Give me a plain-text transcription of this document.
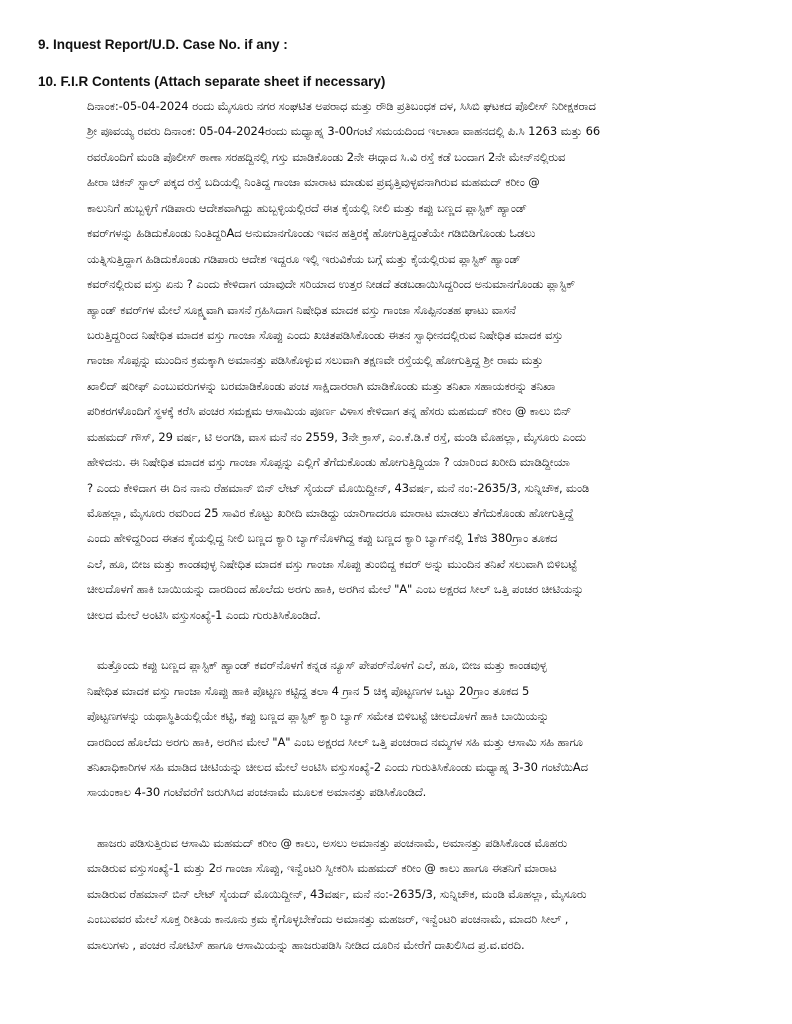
9. Inquest Report/U.D. Case No. if any :
10. F.I.R Contents (Attach separate sheet if necessary)
ದಿನಾಂಕ:-05-04-2024 ರಂದು ಮೈಸೂರು ನಗರ ಸಂಘಟಿತ ಅಪರಾಧ ಮತ್ತು ರೌಡಿ ಪ್ರತಿಬಂಧಕ ದಳ, ಸಿಸಿಬಿ ಘಟಕದ ಪೊಲೀಸ್ ನಿರೀಕ್ಷಕರಾದ
ಶ್ರೀ ಪೂವಯ್ಯ ರವರು ದಿನಾಂಕ: 05-04-2024ರಂದು ಮಧ್ಯಾಹ್ನ 3-00ಗಂಟೆ ಸಮಯದಿಂದ ಇಲಾಖಾ ವಾಹನದಲ್ಲಿ ಪಿ.ಸಿ 1263 ಮತ್ತು 66
ರವರೊಂದಿಗೆ ಮಂಡಿ ಪೊಲೀಸ್ ಠಾಣಾ ಸರಹದ್ದಿನಲ್ಲಿ ಗಸ್ತು ಮಾಡಿಕೊಂಡು 2ನೇ ಈದ್ಗಾದ ಸಿ.ವಿ ರಸ್ತೆ ಕಡೆ ಬಂದಾಗ 2ನೇ ಮೇನ್‌ನಲ್ಲಿರುವ
ಹೀರಾ ಚಿಕನ್ ಸ್ಟಾಲ್ ಪಕ್ಕದ ರಸ್ತೆ ಬದಿಯಲ್ಲಿ ನಿಂತಿದ್ದ ಗಾಂಜಾ ಮಾರಾಟ ಮಾಡುವ ಪ್ರವೃತ್ತಿವುಳ್ಳವನಾಗಿರುವ ಮಹಮದ್ ಕರೀಂ @
ಕಾಲುನಿಗೆ ಹುಬ್ಬಳ್ಳಿಗೆ ಗಡಿಪಾರು ಆದೇಶವಾಗಿದ್ದು ಹುಬ್ಬಳ್ಳಿಯಲ್ಲಿರದೆ ಈತ ಕೈಯಲ್ಲಿ ನೀಲಿ ಮತ್ತು ಕಪ್ಪು ಬಣ್ಣದ ಪ್ಲಾಸ್ಟಿಕ್ ಹ್ಯಾಂಡ್
ಕವರ್‌ಗಳನ್ನು ಹಿಡಿದುಕೊಂಡು ನಿಂತಿದ್ದರಿAದ ಅನುಮಾನಗೊಂಡು ಇವನ ಹತ್ತಿರಕ್ಕೆ ಹೋಗುತ್ತಿದ್ದಂತೆಯೇ ಗಡಿಬಿಡಿಗೊಂಡು ಓಡಲು
ಯತ್ನಿಸುತ್ತಿದ್ದಾಗ ಹಿಡಿದುಕೊಂಡು ಗಡಿಪಾರು ಆದೇಶ ಇದ್ದರೂ ಇಲ್ಲಿ ಇರುವಿಕೆಯ ಬಗ್ಗೆ ಮತ್ತು ಕೈಯಲ್ಲಿರುವ ಪ್ಲಾಸ್ಟಿಕ್ ಹ್ಯಾಂಡ್
ಕವರ್‌ನಲ್ಲಿರುವ ವಸ್ತು ಏನು ? ಎಂದು ಕೇಳಿದಾಗ ಯಾವುದೇ ಸರಿಯಾದ ಉತ್ತರ ನೀಡದೆ ತಡಬಡಾಯಿಸಿದ್ದರಿಂದ ಅನುಮಾನಗೊಂಡು ಪ್ಲಾಸ್ಟಿಕ್
ಹ್ಯಾಂಡ್ ಕವರ್‌ಗಳ ಮೇಲೆ ಸೂಕ್ಷ್ಮವಾಗಿ ವಾಸನೆ ಗ್ರಹಿಸಿದಾಗ ನಿಷೇಧಿತ ಮಾದಕ ವಸ್ತು ಗಾಂಜಾ ಸೊಪ್ಪಿನಂತಹ ಘಾಟು ವಾಸನೆ
ಬರುತ್ತಿದ್ದರಿಂದ ನಿಷೇಧಿತ ಮಾದಕ ವಸ್ತು ಗಾಂಜಾ ಸೊಪ್ಪು ಎಂದು ಖಚಿತಪಡಿಸಿಕೊಂಡು ಈತನ ಸ್ವಾಧೀನದಲ್ಲಿರುವ ನಿಷೇಧಿತ ಮಾದಕ ವಸ್ತು
ಗಾಂಜಾ ಸೊಪ್ಪನ್ನು ಮುಂದಿನ ಕ್ರಮಕ್ಕಾಗಿ ಅಮಾನತ್ತು ಪಡಿಸಿಕೊಳ್ಳುವ ಸಲುವಾಗಿ ತಕ್ಷಣವೇ ರಸ್ತೆಯಲ್ಲಿ ಹೋಗುತ್ತಿದ್ದ ಶ್ರೀ ರಾಮ ಮತ್ತು
ಖಾಲಿದ್ ಷರೀಫ್ ಎಂಬುವರುಗಳನ್ನು ಬರಮಾಡಿಕೊಂಡು ಪಂಚ ಸಾಕ್ಷಿದಾರರಾಗಿ ಮಾಡಿಕೊಂಡು ಮತ್ತು ತನಿಖಾ ಸಹಾಯಕರನ್ನು ತನಿಖಾ
ಪರಿಕರಗಳೊಂದಿಗೆ ಸ್ಥಳಕ್ಕೆ ಕರೆಸಿ ಪಂಚರ ಸಮಕ್ಷಮ ಆಸಾಮಿಯ ಪೂರ್ಣ ವಿಳಾಸ ಕೇಳಿದಾಗ ತನ್ನ ಹೆಸರು ಮಹಮದ್ ಕರೀಂ @ ಕಾಲು ಬಿನ್
ಮಹಮದ್ ಗೌಸ್, 29 ವರ್ಷ, ಟಿ ಅಂಗಡಿ, ವಾಸ ಮನೆ ನಂ 2559, 3ನೇ ಕ್ರಾಸ್, ಎಂ.ಕೆ.ಡಿ.ಕೆ ರಸ್ತೆ, ಮಂಡಿ ಮೊಹಲ್ಲಾ, ಮೈಸೂರು ಎಂದು
ಹೇಳಿದನು. ಈ ನಿಷೇಧಿತ ಮಾದಕ ವಸ್ತು ಗಾಂಜಾ ಸೊಪ್ಪನ್ನು ಎಲ್ಲಿಗೆ ತೆಗೆದುಕೊಂಡು ಹೋಗುತ್ತಿದ್ದಿಯಾ ? ಯಾರಿಂದ ಖರೀದಿ ಮಾಡಿದ್ದೀಯಾ
? ಎಂದು ಕೇಳಿದಾಗ ಈ ದಿನ ನಾನು ರೆಹಮಾನ್ ಬಿನ್ ಲೇಟ್ ಸೈಯದ್ ಮೊಯಿದ್ದೀನ್, 43ವರ್ಷ, ಮನೆ ನಂ:-2635/3, ಸುನ್ನಿಚೌಕ, ಮಂಡಿ
ಮೊಹಲ್ಲಾ, ಮೈಸೂರು ರವರಿಂದ 25 ಸಾವಿರ ಕೊಟ್ಟು ಖರೀದಿ ಮಾಡಿದ್ದು ಯಾರಿಗಾದರೂ ಮಾರಾಟ ಮಾಡಲು ತೆಗೆದುಕೊಂಡು ಹೋಗುತ್ತಿದ್ದೆ
ಎಂದು ಹೇಳಿದ್ದರಿಂದ ಈತನ ಕೈಯಲ್ಲಿದ್ದ ನೀಲಿ ಬಣ್ಣದ ಕ್ಯಾರಿ ಬ್ಯಾಗ್‌ನೊಳಗಿದ್ದ ಕಪ್ಪು ಬಣ್ಣದ ಕ್ಯಾರಿ ಬ್ಯಾಗ್‌ನಲ್ಲಿ 1ಕೆಜಿ 380ಗ್ರಾಂ ತೂಕದ
ಎಲೆ, ಹೂ, ಬೀಜ ಮತ್ತು ಕಾಂಡವುಳ್ಳ ನಿಷೇಧಿತ ಮಾದಕ ವಸ್ತು ಗಾಂಜಾ ಸೊಪ್ಪು ತುಂಬಿದ್ದ ಕವರ್ ಅನ್ನು ಮುಂದಿನ ತನಿಖೆ ಸಲುವಾಗಿ ಬಿಳಿಬಟ್ಟೆ
ಚೀಲದೊಳಗೆ ಹಾಕಿ ಬಾಯಿಯನ್ನು ದಾರದಿಂದ ಹೊಲೆದು ಅರಗು ಹಾಕಿ, ಅರಗಿನ ಮೇಲೆ "A" ಎಂಬ ಅಕ್ಷರದ ಸೀಲ್ ಒತ್ತಿ ಪಂಚರ ಚೀಟಿಯನ್ನು
ಚೀಲದ ಮೇಲೆ ಅಂಟಿಸಿ ವಸ್ತುಸಂಖ್ಯೆ-1 ಎಂದು ಗುರುತಿಸಿಕೊಂಡಿದೆ.
ಮತ್ತೊಂದು ಕಪ್ಪು ಬಣ್ಣದ ಪ್ಲಾಸ್ಟಿಕ್ ಹ್ಯಾಂಡ್ ಕವರ್‌ನೊಳಗೆ ಕನ್ನಡ ನ್ಯೂಸ್ ಪೇಪರ್‌ನೊಳಗೆ ಎಲೆ, ಹೂ, ಬೀಜ ಮತ್ತು ಕಾಂಡವುಳ್ಳ
ನಿಷೇಧಿತ ಮಾದಕ ವಸ್ತು ಗಾಂಜಾ ಸೊಪ್ಪು ಹಾಕಿ ಪೊಟ್ಟಣ ಕಟ್ಟಿದ್ದ ತಲಾ 4 ಗ್ರಾನ 5 ಚಿಕ್ಕ ಪೊಟ್ಟಣಗಳ ಒಟ್ಟು 20ಗ್ರಾಂ ತೂಕದ 5
ಪೊಟ್ಟಣಗಳನ್ನು ಯಥಾಸ್ಥಿತಿಯಲ್ಲಿಯೇ ಕಟ್ಟಿ, ಕಪ್ಪು ಬಣ್ಣದ ಪ್ಲಾಸ್ಟಿಕ್ ಕ್ಯಾರಿ ಬ್ಯಾಗ್ ಸಮೇತ ಬಿಳಿಬಟ್ಟೆ ಚೀಲದೊಳಗೆ ಹಾಕಿ ಬಾಯಿಯನ್ನು
ದಾರದಿಂದ ಹೊಲೆದು ಅರಗು ಹಾಕಿ, ಅರಗಿನ ಮೇಲೆ "A" ಎಂಬ ಅಕ್ಷರದ ಸೀಲ್ ಒತ್ತಿ ಪಂಚರಾದ ನಮ್ಮಗಳ ಸಹಿ ಮತ್ತು ಆಸಾಮಿ ಸಹಿ ಹಾಗೂ
ತನಿಖಾಧಿಕಾರಿಗಳ ಸಹಿ ಮಾಡಿದ ಚೀಟಿಯನ್ನು ಚೀಲದ ಮೇಲೆ ಅಂಟಿಸಿ ವಸ್ತುಸಂಖ್ಯೆ-2 ಎಂದು ಗುರುತಿಸಿಕೊಂಡು ಮಧ್ಯಾಹ್ನ 3-30 ಗಂಟೆಯಿAದ
ಸಾಯಂಕಾಲ 4-30 ಗಂಟೆವರೆಗೆ ಜರುಗಿಸಿದ ಪಂಚನಾಮೆ ಮೂಲಕ ಅಮಾನತ್ತು ಪಡಿಸಿಕೊಂಡಿದೆ.
ಹಾಜರು ಪಡಿಸುತ್ತಿರುವ ಆಸಾಮಿ ಮಹಮದ್ ಕರೀಂ @ ಕಾಲು, ಅಸಲು ಅಮಾನತ್ತು ಪಂಚನಾಮೆ, ಅಮಾನತ್ತು ಪಡಿಸಿಕೊಂಡ ಮೊಹರು
ಮಾಡಿರುವ ವಸ್ತುಸಂಖ್ಯೆ-1 ಮತ್ತು 2ರ ಗಾಂಜಾ ಸೊಪ್ಪು, ಇನ್ವೆಂಟರಿ ಸ್ವೀಕರಿಸಿ ಮಹಮದ್ ಕರೀಂ @ ಕಾಲು ಹಾಗೂ ಈತನಿಗೆ ಮಾರಾಟ
ಮಾಡಿರುವ ರೆಹಮಾನ್ ಬಿನ್ ಲೇಟ್ ಸೈಯದ್ ಮೊಯಿದ್ದೀನ್, 43ವರ್ಷ, ಮನೆ ನಂ:-2635/3, ಸುನ್ನಿಚೌಕ, ಮಂಡಿ ಮೊಹಲ್ಲಾ, ಮೈಸೂರು
ಎಂಬುವವರ ಮೇಲೆ ಸೂಕ್ತ ರೀತಿಯ ಕಾನೂನು ಕ್ರಮ ಕೈಗೊಳ್ಳಬೇಕೆಂದು ಅಮಾನತ್ತು ಮಹಜರ್, ಇನ್ವೆಂಟರಿ ಪಂಚನಾಮೆ, ಮಾದರಿ ಸೀಲ್ ,
ಮಾಲುಗಳು , ಪಂಚರ ನೋಟಿಸ್ ಹಾಗೂ ಆಸಾಮಿಯನ್ನು ಹಾಜರುಪಡಿಸಿ ನೀಡಿದ ದೂರಿನ ಮೇರೆಗೆ ದಾಖಲಿಸಿದ ಪ್ರ.ವ.ವರದಿ.
